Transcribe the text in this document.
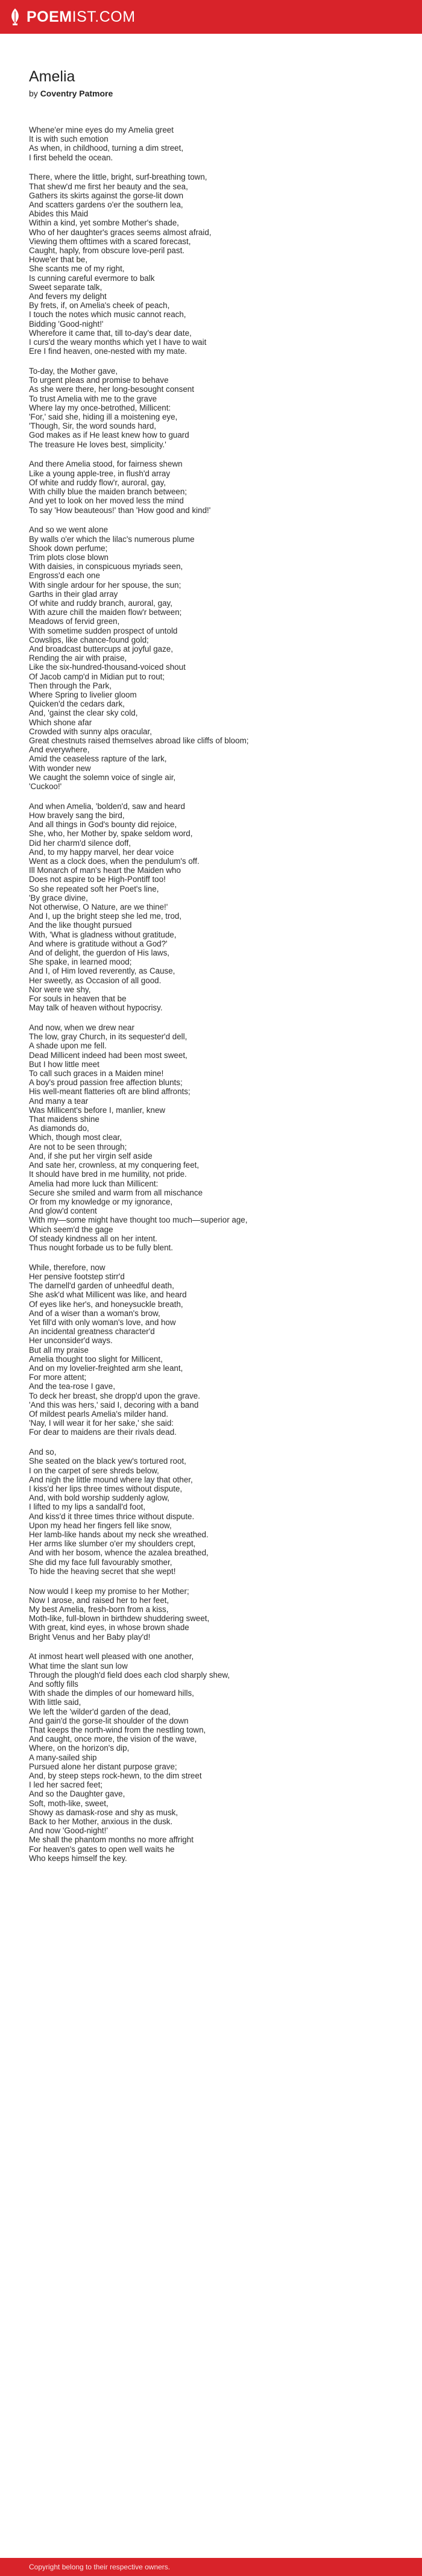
POEMIST.COM
Amelia
by Coventry Patmore
Whene'er mine eyes do my Amelia greet
It is with such emotion
As when, in childhood, turning a dim street,
I first beheld the ocean.
There, where the little, bright, surf-breathing town,
That shew'd me first her beauty and the sea,
Gathers its skirts against the gorse-lit down
And scatters gardens o'er the southern lea,
Abides this Maid
Within a kind, yet sombre Mother's shade,
Who of her daughter's graces seems almost afraid,
Viewing them ofttimes with a scared forecast,
Caught, haply, from obscure love-peril past.
Howe'er that be,
She scants me of my right,
Is cunning careful evermore to balk
Sweet separate talk,
And fevers my delight
By frets, if, on Amelia's cheek of peach,
I touch the notes which music cannot reach,
Bidding 'Good-night!'
Wherefore it came that, till to-day's dear date,
I curs'd the weary months which yet I have to wait
Ere I find heaven, one-nested with my mate.
To-day, the Mother gave,
To urgent pleas and promise to behave
As she were there, her long-besought consent
To trust Amelia with me to the grave
Where lay my once-betrothed, Millicent:
'For,' said she, hiding ill a moistening eye,
'Though, Sir, the word sounds hard,
God makes as if He least knew how to guard
The treasure He loves best, simplicity.'
And there Amelia stood, for fairness shewn
Like a young apple-tree, in flush'd array
Of white and ruddy flow'r, auroral, gay,
With chilly blue the maiden branch between;
And yet to look on her moved less the mind
To say 'How beauteous!' than 'How good and kind!'
And so we went alone
By walls o'er which the lilac's numerous plume
Shook down perfume;
Trim plots close blown
With daisies, in conspicuous myriads seen,
Engross'd each one
With single ardour for her spouse, the sun;
Garths in their glad array
Of white and ruddy branch, auroral, gay,
With azure chill the maiden flow'r between;
Meadows of fervid green,
With sometime sudden prospect of untold
Cowslips, like chance-found gold;
And broadcast buttercups at joyful gaze,
Rending the air with praise,
Like the six-hundred-thousand-voiced shout
Of Jacob camp'd in Midian put to rout;
Then through the Park,
Where Spring to livelier gloom
Quicken'd the cedars dark,
And, 'gainst the clear sky cold,
Which shone afar
Crowded with sunny alps oracular,
Great chestnuts raised themselves abroad like cliffs of bloom;
And everywhere,
Amid the ceaseless rapture of the lark,
With wonder new
We caught the solemn voice of single air,
'Cuckoo!'
And when Amelia, 'bolden'd, saw and heard
How bravely sang the bird,
And all things in God's bounty did rejoice,
She, who, her Mother by, spake seldom word,
Did her charm'd silence doff,
And, to my happy marvel, her dear voice
Went as a clock does, when the pendulum's off.
Ill Monarch of man's heart the Maiden who
Does not aspire to be High-Pontiff too!
So she repeated soft her Poet's line,
'By grace divine,
Not otherwise, O Nature, are we thine!'
And I, up the bright steep she led me, trod,
And the like thought pursued
With, 'What is gladness without gratitude,
And where is gratitude without a God?'
And of delight, the guerdon of His laws,
She spake, in learned mood;
And I, of Him loved reverently, as Cause,
Her sweetly, as Occasion of all good.
Nor were we shy,
For souls in heaven that be
May talk of heaven without hypocrisy.
And now, when we drew near
The low, gray Church, in its sequester'd dell,
A shade upon me fell.
Dead Millicent indeed had been most sweet,
But I how little meet
To call such graces in a Maiden mine!
A boy's proud passion free affection blunts;
His well-meant flatteries oft are blind affronts;
And many a tear
Was Millicent's before I, manlier, knew
That maidens shine
As diamonds do,
Which, though most clear,
Are not to be seen through;
And, if she put her virgin self aside
And sate her, crownless, at my conquering feet,
It should have bred in me humility, not pride.
Amelia had more luck than Millicent:
Secure she smiled and warm from all mischance
Or from my knowledge or my ignorance,
And glow'd content
With my—some might have thought too much—superior age,
Which seem'd the gage
Of steady kindness all on her intent.
Thus nought forbade us to be fully blent.
While, therefore, now
Her pensive footstep stirr'd
The darnell'd garden of unheedful death,
She ask'd what Millicent was like, and heard
Of eyes like her's, and honeysuckle breath,
And of a wiser than a woman's brow,
Yet fill'd with only woman's love, and how
An incidental greatness character'd
Her unconsider'd ways.
But all my praise
Amelia thought too slight for Millicent,
And on my lovelier-freighted arm she leant,
For more attent;
And the tea-rose I gave,
To deck her breast, she dropp'd upon the grave.
'And this was hers,' said I, decoring with a band
Of mildest pearls Amelia's milder hand.
'Nay, I will wear it for her sake,' she said:
For dear to maidens are their rivals dead.
And so,
She seated on the black yew's tortured root,
I on the carpet of sere shreds below,
And nigh the little mound where lay that other,
I kiss'd her lips three times without dispute,
And, with bold worship suddenly aglow,
I lifted to my lips a sandall'd foot,
And kiss'd it three times thrice without dispute.
Upon my head her fingers fell like snow,
Her lamb-like hands about my neck she wreathed.
Her arms like slumber o'er my shoulders crept,
And with her bosom, whence the azalea breathed,
She did my face full favourably smother,
To hide the heaving secret that she wept!
Now would I keep my promise to her Mother;
Now I arose, and raised her to her feet,
My best Amelia, fresh-born from a kiss,
Moth-like, full-blown in birthdew shuddering sweet,
With great, kind eyes, in whose brown shade
Bright Venus and her Baby play'd!
At inmost heart well pleased with one another,
What time the slant sun low
Through the plough'd field does each clod sharply shew,
And softly fills
With shade the dimples of our homeward hills,
With little said,
We left the 'wilder'd garden of the dead,
And gain'd the gorse-lit shoulder of the down
That keeps the north-wind from the nestling town,
And caught, once more, the vision of the wave,
Where, on the horizon's dip,
A many-sailed ship
Pursued alone her distant purpose grave;
And, by steep steps rock-hewn, to the dim street
I led her sacred feet;
And so the Daughter gave,
Soft, moth-like, sweet,
Showy as damask-rose and shy as musk,
Back to her Mother, anxious in the dusk.
And now 'Good-night!'
Me shall the phantom months no more affright
For heaven's gates to open well waits he
Who keeps himself the key.
Copyright belong to their respective owners.
